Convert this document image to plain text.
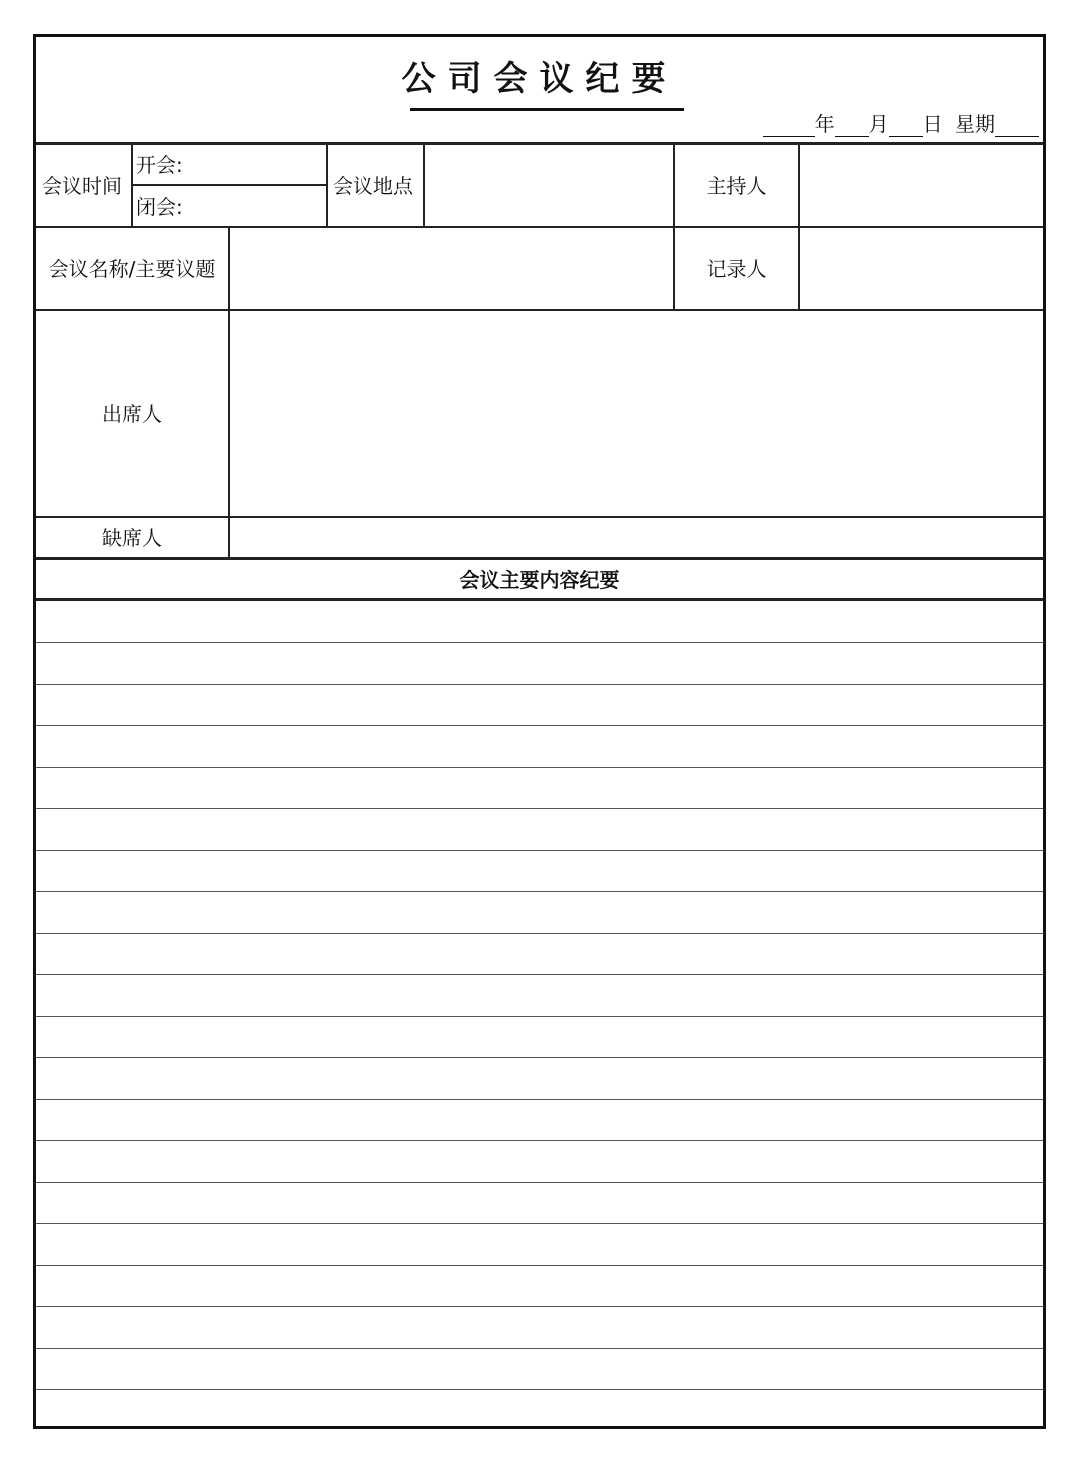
公司会议纪要
年 月 日 星期
会议时间
开会:
闭会:
会议地点	主持人
会议名称/主要议题	记录人
出席人
缺席人
会议主要内容纪要
